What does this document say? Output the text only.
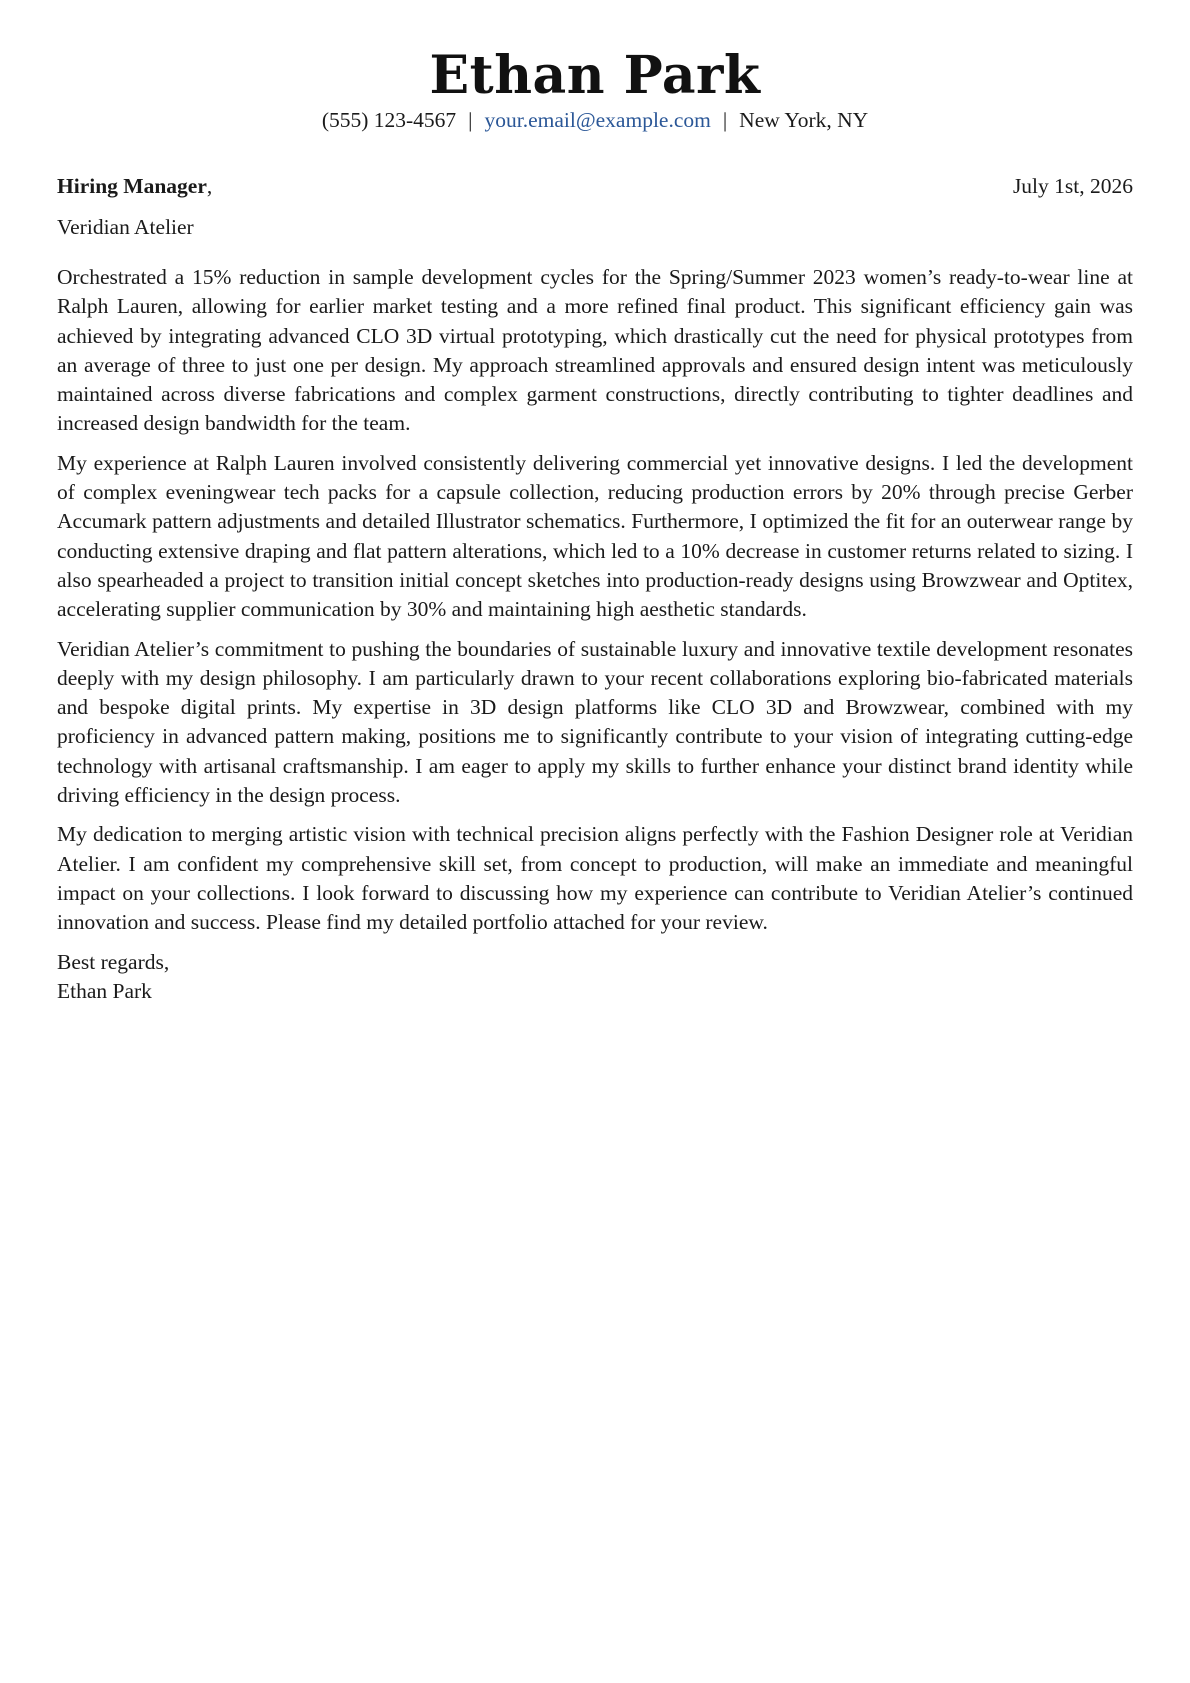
Ethan Park
(555) 123-4567 | your.email@example.com | New York, NY
Hiring Manager,	July 1st, 2026
Veridian Atelier

Orchestrated a 15% reduction in sample development cycles for the Spring/Summer 2023 women’s ready-to-wear line at Ralph Lauren, allowing for earlier market testing and a more refined final product. This significant efficiency gain was achieved by integrating advanced CLO 3D virtual prototyping, which drastically cut the need for physical prototypes from an average of three to just one per design. My approach streamlined approvals and ensured design intent was meticulously maintained across diverse fabrications and complex garment constructions, directly contributing to tighter deadlines and increased design bandwidth for the team.

My experience at Ralph Lauren involved consistently delivering commercial yet innovative designs. I led the development of complex eveningwear tech packs for a capsule collection, reducing production errors by 20% through precise Gerber Accumark pattern adjustments and detailed Illustrator schematics. Furthermore, I optimized the fit for an outerwear range by conducting extensive draping and flat pattern alterations, which led to a 10% decrease in customer returns related to sizing. I also spearheaded a project to transition initial concept sketches into production-ready designs using Browzwear and Optitex, accelerating supplier communication by 30% and maintaining high aesthetic standards.

Veridian Atelier’s commitment to pushing the boundaries of sustainable luxury and innovative textile development resonates deeply with my design philosophy. I am particularly drawn to your recent collaborations exploring bio-fabricated materials and bespoke digital prints. My expertise in 3D design platforms like CLO 3D and Browzwear, combined with my proficiency in advanced pattern making, positions me to significantly contribute to your vision of integrating cutting-edge technology with artisanal craftsmanship. I am eager to apply my skills to further enhance your distinct brand identity while driving efficiency in the design process.

My dedication to merging artistic vision with technical precision aligns perfectly with the Fashion Designer role at Veridian Atelier. I am confident my comprehensive skill set, from concept to production, will make an immediate and meaningful impact on your collections. I look forward to discussing how my experience can contribute to Veridian Atelier’s continued innovation and success. Please find my detailed portfolio attached for your review.

Best regards,
Ethan Park
